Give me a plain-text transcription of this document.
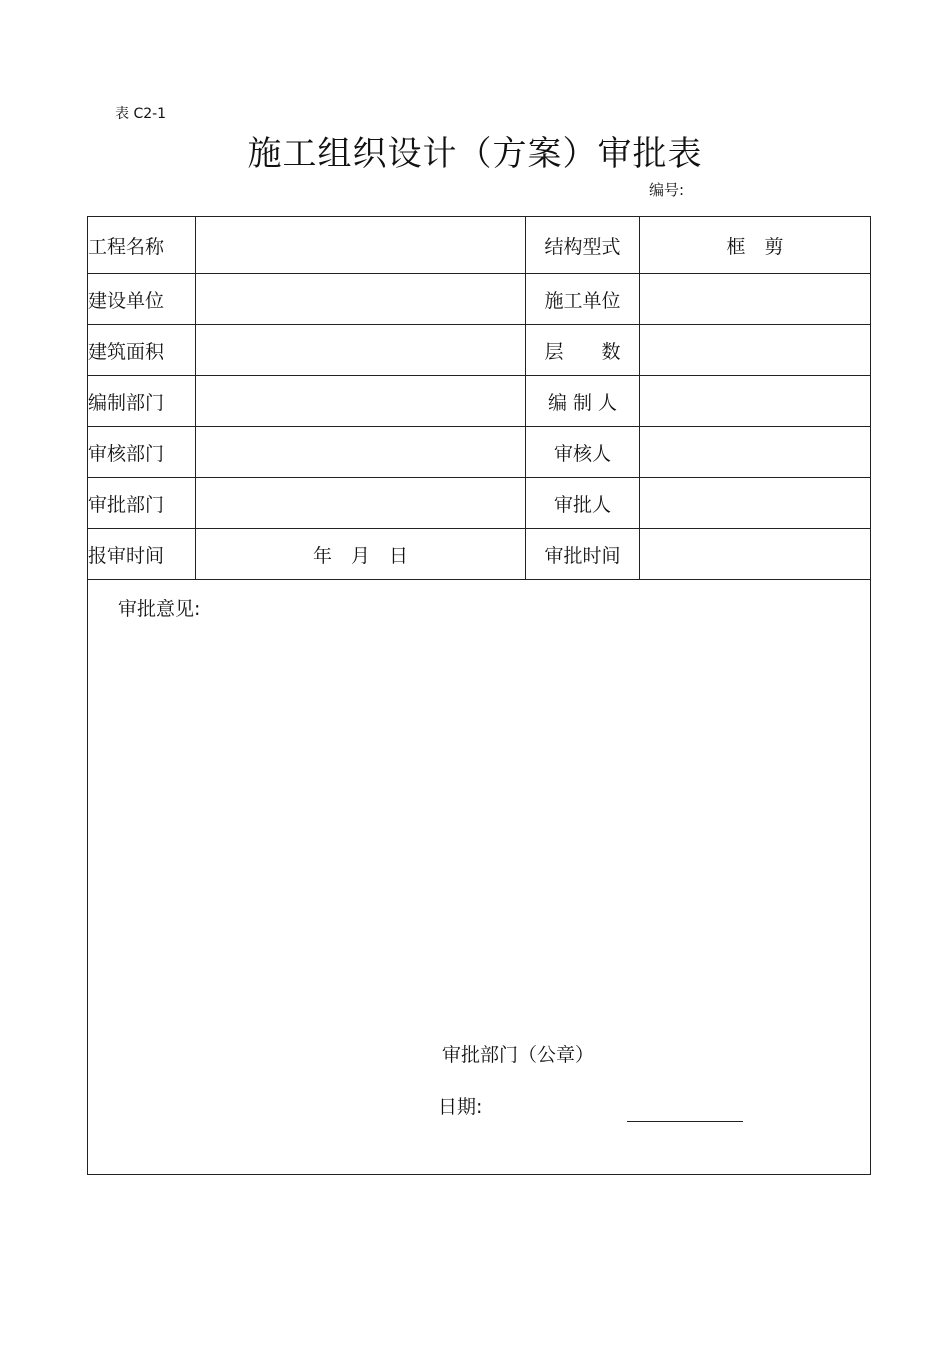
表 C2-1
施工组织设计（方案）审批表
编号:
工程名称		结构型式	框　剪
建设单位		施工单位	
建筑面积		层　　数	
编制部门		编 制 人	
审核部门		审核人	
审批部门		审批人	
报审时间	年　月　日	审批时间	

审批意见:
审批部门（公章）
日期:			
